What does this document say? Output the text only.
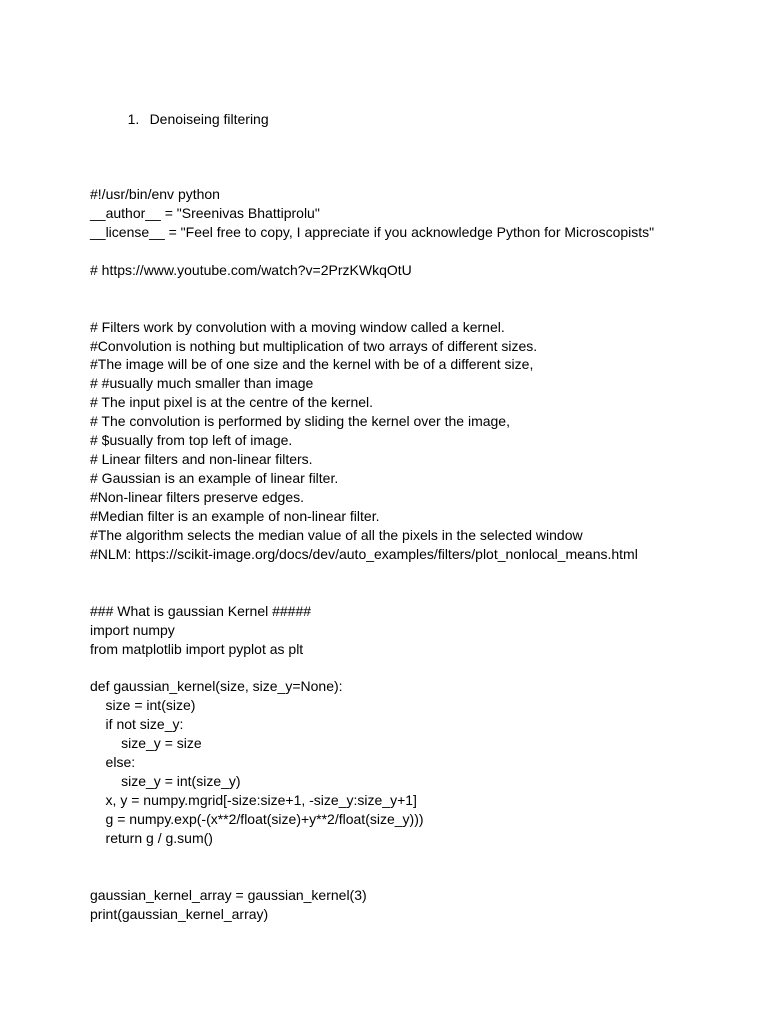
1. Denoiseing filtering

#!/usr/bin/env python
__author__ = "Sreenivas Bhattiprolu"
__license__ = "Feel free to copy, I appreciate if you acknowledge Python for Microscopists"
# https://www.youtube.com/watch?v=2PrzKWkqOtU
# Filters work by convolution with a moving window called a kernel.
#Convolution is nothing but multiplication of two arrays of different sizes.
#The image will be of one size and the kernel with be of a different size,
# #usually much smaller than image
# The input pixel is at the centre of the kernel.
# The convolution is performed by sliding the kernel over the image,
# $usually from top left of image.
# Linear filters and non-linear filters.
# Gaussian is an example of linear filter.
#Non-linear filters preserve edges.
#Median filter is an example of non-linear filter.
#The algorithm selects the median value of all the pixels in the selected window
#NLM: https://scikit-image.org/docs/dev/auto_examples/filters/plot_nonlocal_means.html
### What is gaussian Kernel #####
import numpy
from matplotlib import pyplot as plt
def gaussian_kernel(size, size_y=None):
size = int(size)
if not size_y:
size_y = size
else:
size_y = int(size_y)
x, y = numpy.mgrid[-size:size+1, -size_y:size_y+1]
g = numpy.exp(-(x**2/float(size)+y**2/float(size_y)))
return g / g.sum()
gaussian_kernel_array = gaussian_kernel(3)
print(gaussian_kernel_array)
